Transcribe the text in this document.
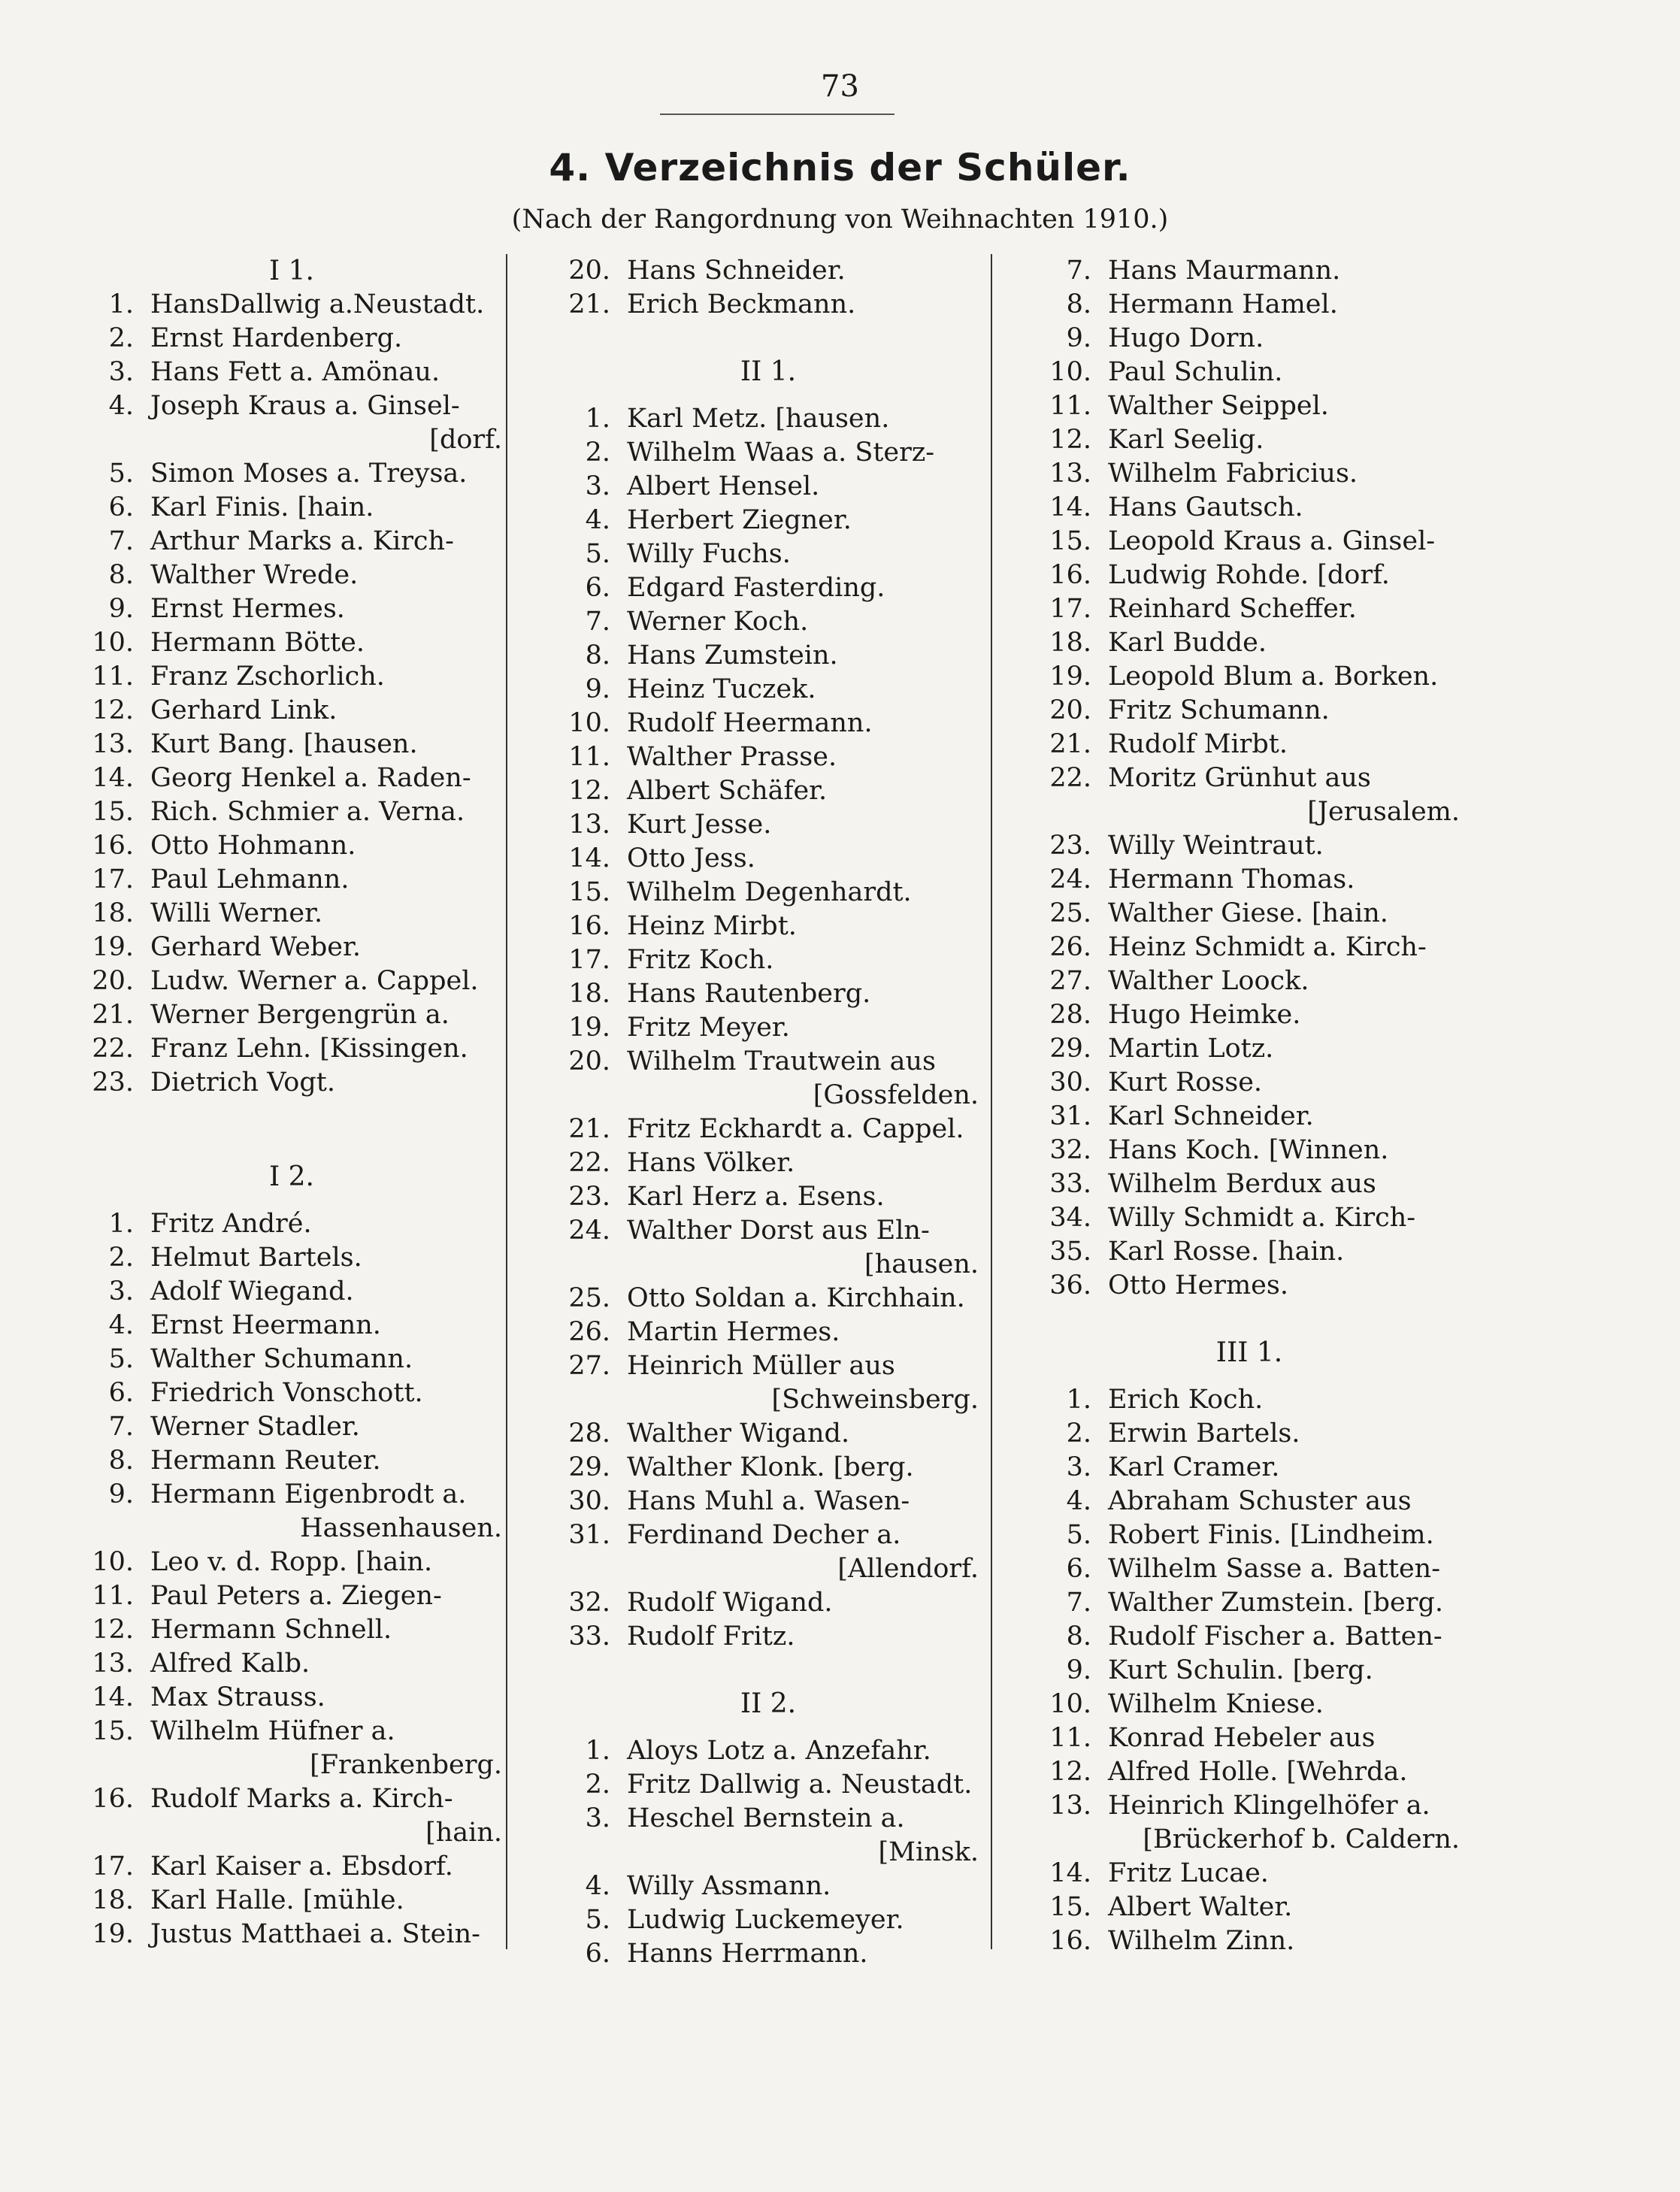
73
4. Verzeichnis der Schüler.
(Nach der Rangordnung von Weihnachten 1910.)
I 1.
1. HansDallwig a.Neustadt.
2. Ernst Hardenberg.
3. Hans Fett a. Amönau.
4. Joseph Kraus a. Ginsel-
[dorf.
5. Simon Moses a. Treysa.
6. Karl Finis. [hain.
7. Arthur Marks a. Kirch-
8. Walther Wrede.
9. Ernst Hermes.
10. Hermann Bötte.
11. Franz Zschorlich.
12. Gerhard Link.
13. Kurt Bang. [hausen.
14. Georg Henkel a. Raden-
15. Rich. Schmier a. Verna.
16. Otto Hohmann.
17. Paul Lehmann.
18. Willi Werner.
19. Gerhard Weber.
20. Ludw. Werner a. Cappel.
21. Werner Bergengrün a.
22. Franz Lehn. [Kissingen.
23. Dietrich Vogt.
I 2.
1. Fritz André.
2. Helmut Bartels.
3. Adolf Wiegand.
4. Ernst Heermann.
5. Walther Schumann.
6. Friedrich Vonschott.
7. Werner Stadler.
8. Hermann Reuter.
9. Hermann Eigenbrodt a.
Hassenhausen.
10. Leo v. d. Ropp. [hain.
11. Paul Peters a. Ziegen-
12. Hermann Schnell.
13. Alfred Kalb.
14. Max Strauss.
15. Wilhelm Hüfner a.
[Frankenberg.
16. Rudolf Marks a. Kirch-
[hain.
17. Karl Kaiser a. Ebsdorf.
18. Karl Halle. [mühle.
19. Justus Matthaei a. Stein-
20. Hans Schneider.
21. Erich Beckmann.
II 1.
1. Karl Metz. [hausen.
2. Wilhelm Waas a. Sterz-
3. Albert Hensel.
4. Herbert Ziegner.
5. Willy Fuchs.
6. Edgard Fasterding.
7. Werner Koch.
8. Hans Zumstein.
9. Heinz Tuczek.
10. Rudolf Heermann.
11. Walther Prasse.
12. Albert Schäfer.
13. Kurt Jesse.
14. Otto Jess.
15. Wilhelm Degenhardt.
16. Heinz Mirbt.
17. Fritz Koch.
18. Hans Rautenberg.
19. Fritz Meyer.
20. Wilhelm Trautwein aus
[Gossfelden.
21. Fritz Eckhardt a. Cappel.
22. Hans Völker.
23. Karl Herz a. Esens.
24. Walther Dorst aus Eln-
[hausen.
25. Otto Soldan a. Kirchhain.
26. Martin Hermes.
27. Heinrich Müller aus
[Schweinsberg.
28. Walther Wigand.
29. Walther Klonk. [berg.
30. Hans Muhl a. Wasen-
31. Ferdinand Decher a.
[Allendorf.
32. Rudolf Wigand.
33. Rudolf Fritz.
II 2.
1. Aloys Lotz a. Anzefahr.
2. Fritz Dallwig a. Neustadt.
3. Heschel Bernstein a.
[Minsk.
4. Willy Assmann.
5. Ludwig Luckemeyer.
6. Hanns Herrmann.
7. Hans Maurmann.
8. Hermann Hamel.
9. Hugo Dorn.
10. Paul Schulin.
11. Walther Seippel.
12. Karl Seelig.
13. Wilhelm Fabricius.
14. Hans Gautsch.
15. Leopold Kraus a. Ginsel-
16. Ludwig Rohde. [dorf.
17. Reinhard Scheffer.
18. Karl Budde.
19. Leopold Blum a. Borken.
20. Fritz Schumann.
21. Rudolf Mirbt.
22. Moritz Grünhut aus
[Jerusalem.
23. Willy Weintraut.
24. Hermann Thomas.
25. Walther Giese. [hain.
26. Heinz Schmidt a. Kirch-
27. Walther Loock.
28. Hugo Heimke.
29. Martin Lotz.
30. Kurt Rosse.
31. Karl Schneider.
32. Hans Koch. [Winnen.
33. Wilhelm Berdux aus
34. Willy Schmidt a. Kirch-
35. Karl Rosse. [hain.
36. Otto Hermes.
III 1.
1. Erich Koch.
2. Erwin Bartels.
3. Karl Cramer.
4. Abraham Schuster aus
5. Robert Finis. [Lindheim.
6. Wilhelm Sasse a. Batten-
7. Walther Zumstein. [berg.
8. Rudolf Fischer a. Batten-
9. Kurt Schulin. [berg.
10. Wilhelm Kniese.
11. Konrad Hebeler aus
12. Alfred Holle. [Wehrda.
13. Heinrich Klingelhöfer a.
[Brückerhof b. Caldern.
14. Fritz Lucae.
15. Albert Walter.
16. Wilhelm Zinn.
